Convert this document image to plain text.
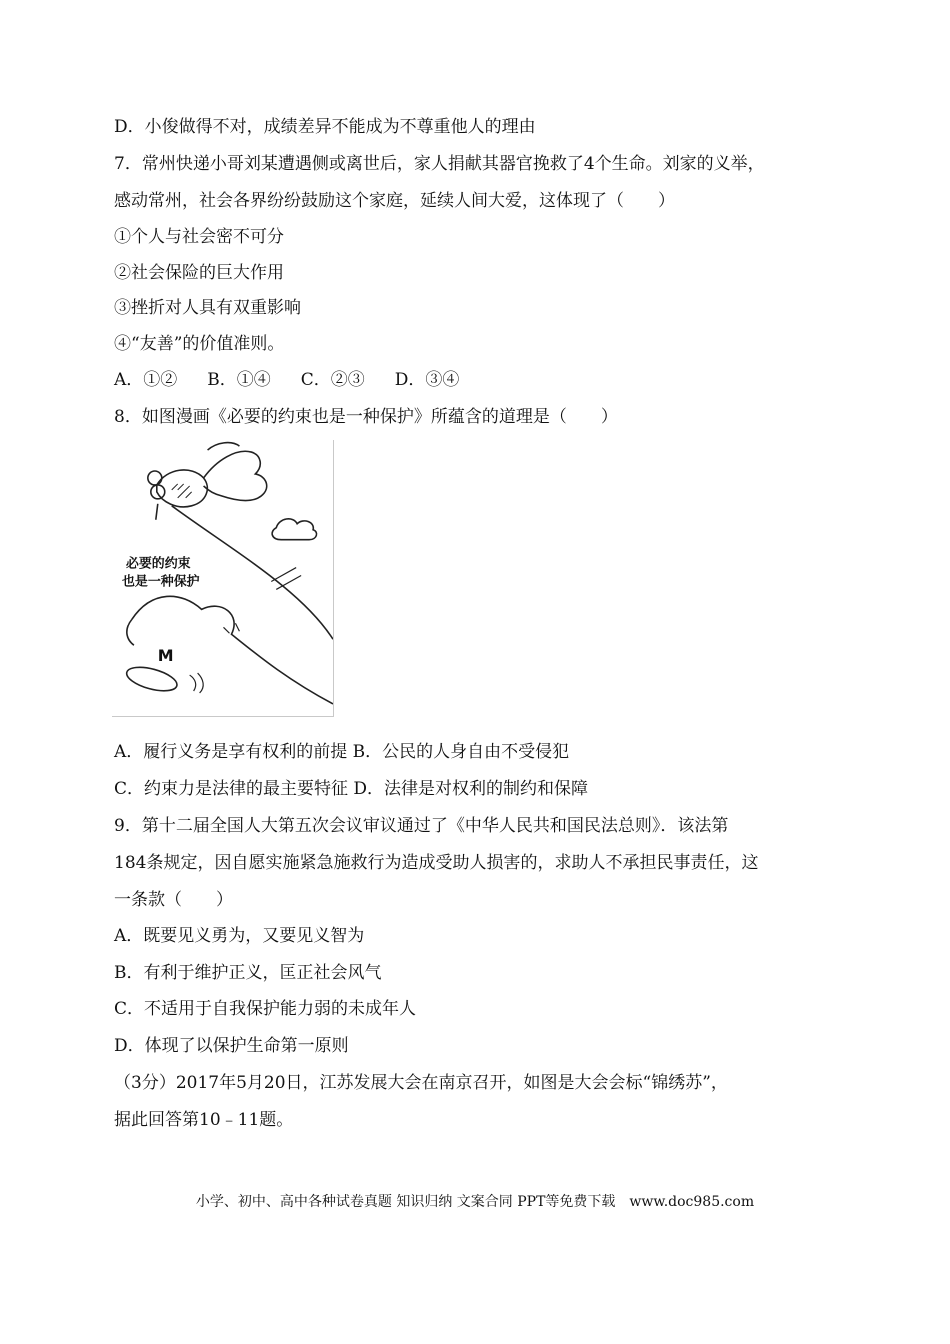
D．小俊做得不对，成绩差异不能成为不尊重他人的理由
7．常州快递小哥刘某遭遇侧或离世后，家人捐献其器官挽救了4个生命。刘家的义举，
感动常州，社会各界纷纷鼓励这个家庭，延续人间大爱，这体现了（　　）
①个人与社会密不可分
②社会保险的巨大作用
③挫折对人具有双重影响
④“友善”的价值准则。
A．①② B．①④ C．②③ D．③④
8．如图漫画《必要的约束也是一种保护》所蕴含的道理是（　　）
必要的约束
也是一种保护
M
A．履行义务是享有权利的前提 B．公民的人身自由不受侵犯
C．约束力是法律的最主要特征 D．法律是对权利的制约和保障
9．第十二届全国人大第五次会议审议通过了《中华人民共和国民法总则》．该法第
184条规定，因自愿实施紧急施救行为造成受助人损害的，求助人不承担民事责任，这
一条款（　　）
A．既要见义勇为，又要见义智为
B．有利于维护正义，匡正社会风气
C．不适用于自我保护能力弱的未成年人
D．体现了以保护生命第一原则
（3分）2017年5月20日，江苏发展大会在南京召开，如图是大会会标“锦绣苏”，
据此回答第10﹣11题。
小学、初中、高中各种试卷真题 知识归纳 文案合同 PPT等免费下载　www.doc985.com
